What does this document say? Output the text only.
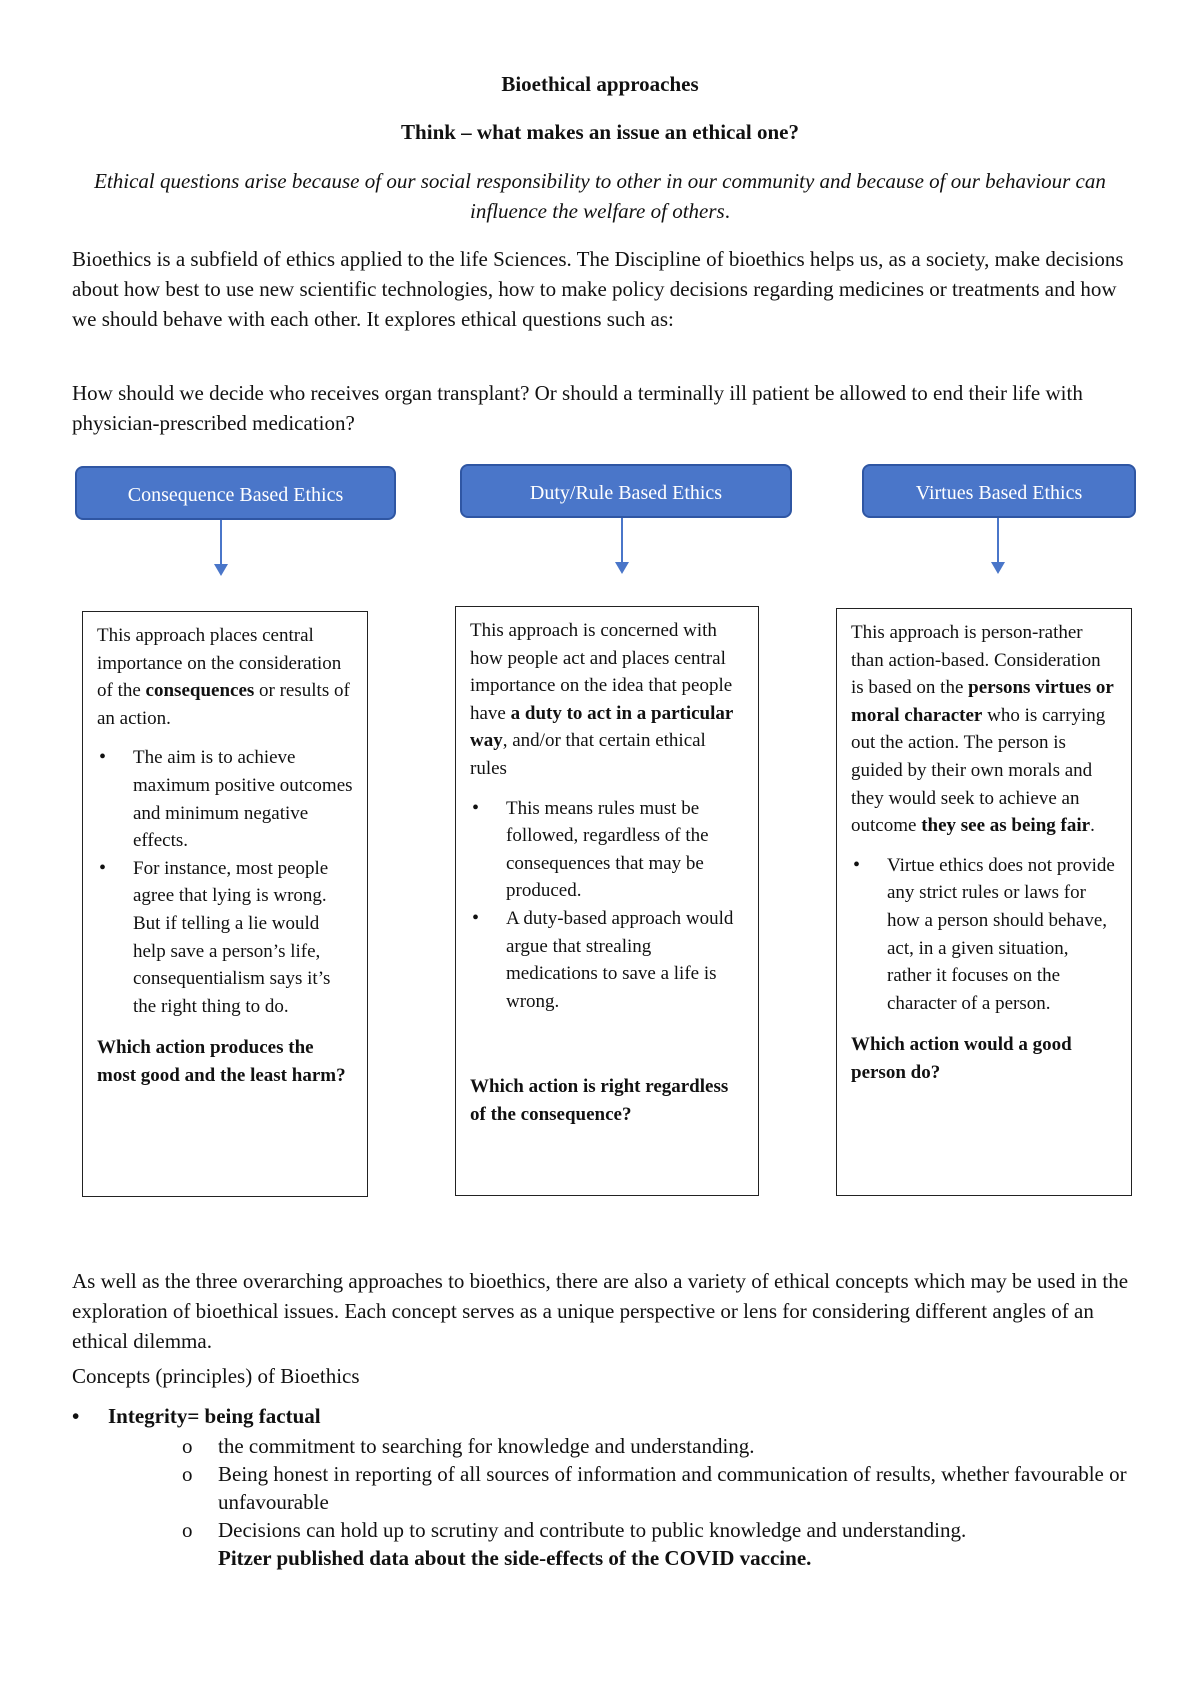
Bioethical approaches
Think – what makes an issue an ethical one?
Ethical questions arise because of our social responsibility to other in our community and because of our behaviour can influence the welfare of others.
Bioethics is a subfield of ethics applied to the life Sciences. The Discipline of bioethics helps us, as a society, make decisions about how best to use new scientific technologies, how to make policy decisions regarding medicines or treatments and how we should behave with each other. It explores ethical questions such as:
How should we decide who receives organ transplant? Or should a terminally ill patient be allowed to end their life with physician-prescribed medication?
Consequence Based Ethics	Duty/Rule Based Ethics	Virtues Based Ethics

This approach places central importance on the consideration of the consequences or results of an action.

• The aim is to achieve maximum positive outcomes and minimum negative effects.
• For instance, most people agree that lying is wrong. But if telling a lie would help save a person’s life, consequentialism says it’s the right thing to do.

Which action produces the most good and the least harm?

This approach is concerned with how people act and places central importance on the idea that people have a duty to act in a particular way, and/or that certain ethical rules

• This means rules must be followed, regardless of the consequences that may be produced.
• A duty-based approach would argue that strealing medications to save a life is wrong.

Which action is right regardless of the consequence?

This approach is person-rather than action-based. Consideration is based on the persons virtues or moral character who is carrying out the action. The person is guided by their own morals and they would seek to achieve an outcome they see as being fair.

• Virtue ethics does not provide any strict rules or laws for how a person should behave, act, in a given situation, rather it focuses on the character of a person.

Which action would a good person do?

As well as the three overarching approaches to bioethics, there are also a variety of ethical concepts which may be used in the exploration of bioethical issues. Each concept serves as a unique perspective or lens for considering different angles of an ethical dilemma.
Concepts (principles) of Bioethics
• Integrity= being factual
o the commitment to searching for knowledge and understanding.
o Being honest in reporting of all sources of information and communication of results, whether favourable or unfavourable
o Decisions can hold up to scrutiny and contribute to public knowledge and understanding.
Pitzer published data about the side-effects of the COVID vaccine.
